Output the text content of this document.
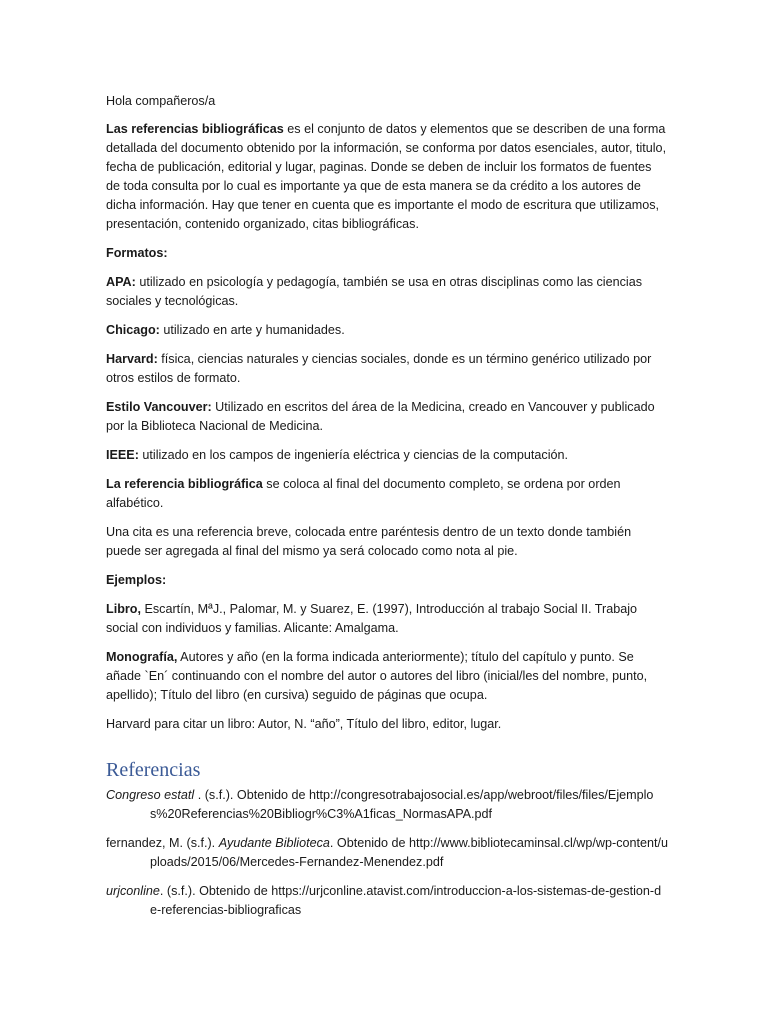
Hola compañeros/a

Las referencias bibliográficas es el conjunto de datos y elementos que se describen de una forma detallada del documento obtenido por la información, se conforma por datos esenciales, autor, titulo, fecha de publicación, editorial y lugar, paginas. Donde se deben de incluir los formatos de fuentes de toda consulta por lo cual es importante ya que de esta manera se da crédito a los autores de dicha información. Hay que tener en cuenta que es importante el modo de escritura que utilizamos, presentación, contenido organizado, citas bibliográficas.

Formatos:

APA: utilizado en psicología y pedagogía, también se usa en otras disciplinas como las ciencias sociales y tecnológicas.

Chicago: utilizado en arte y humanidades.

Harvard: física, ciencias naturales y ciencias sociales, donde es un término genérico utilizado por otros estilos de formato.

Estilo Vancouver: Utilizado en escritos del área de la Medicina, creado en Vancouver y publicado por la Biblioteca Nacional de Medicina.

IEEE: utilizado en los campos de ingeniería eléctrica y ciencias de la computación.

La referencia bibliográfica se coloca al final del documento completo, se ordena por orden alfabético.

Una cita es una referencia breve, colocada entre paréntesis dentro de un texto donde también puede ser agregada al final del mismo ya será colocado como nota al pie.

Ejemplos:

Libro, Escartín, MªJ., Palomar, M. y Suarez, E. (1997), Introducción al trabajo Social II. Trabajo social con individuos y familias. Alicante: Amalgama.

Monografía, Autores y año (en la forma indicada anteriormente); título del capítulo y punto. Se añade `En´ continuando con el nombre del autor o autores del libro (inicial/les del nombre, punto, apellido); Título del libro (en cursiva) seguido de páginas que ocupa.

Harvard para citar un libro: Autor, N. “año”, Título del libro, editor, lugar.

Referencias

Congreso estatl . (s.f.). Obtenido de http://congresotrabajosocial.es/app/webroot/files/files/Ejemplos%20Referencias%20Bibliogr%C3%A1ficas_NormasAPA.pdf

fernandez, M. (s.f.). Ayudante Biblioteca. Obtenido de http://www.bibliotecaminsal.cl/wp/wp-content/uploads/2015/06/Mercedes-Fernandez-Menendez.pdf

urjconline. (s.f.). Obtenido de https://urjconline.atavist.com/introduccion-a-los-sistemas-de-gestion-de-referencias-bibliograficas
